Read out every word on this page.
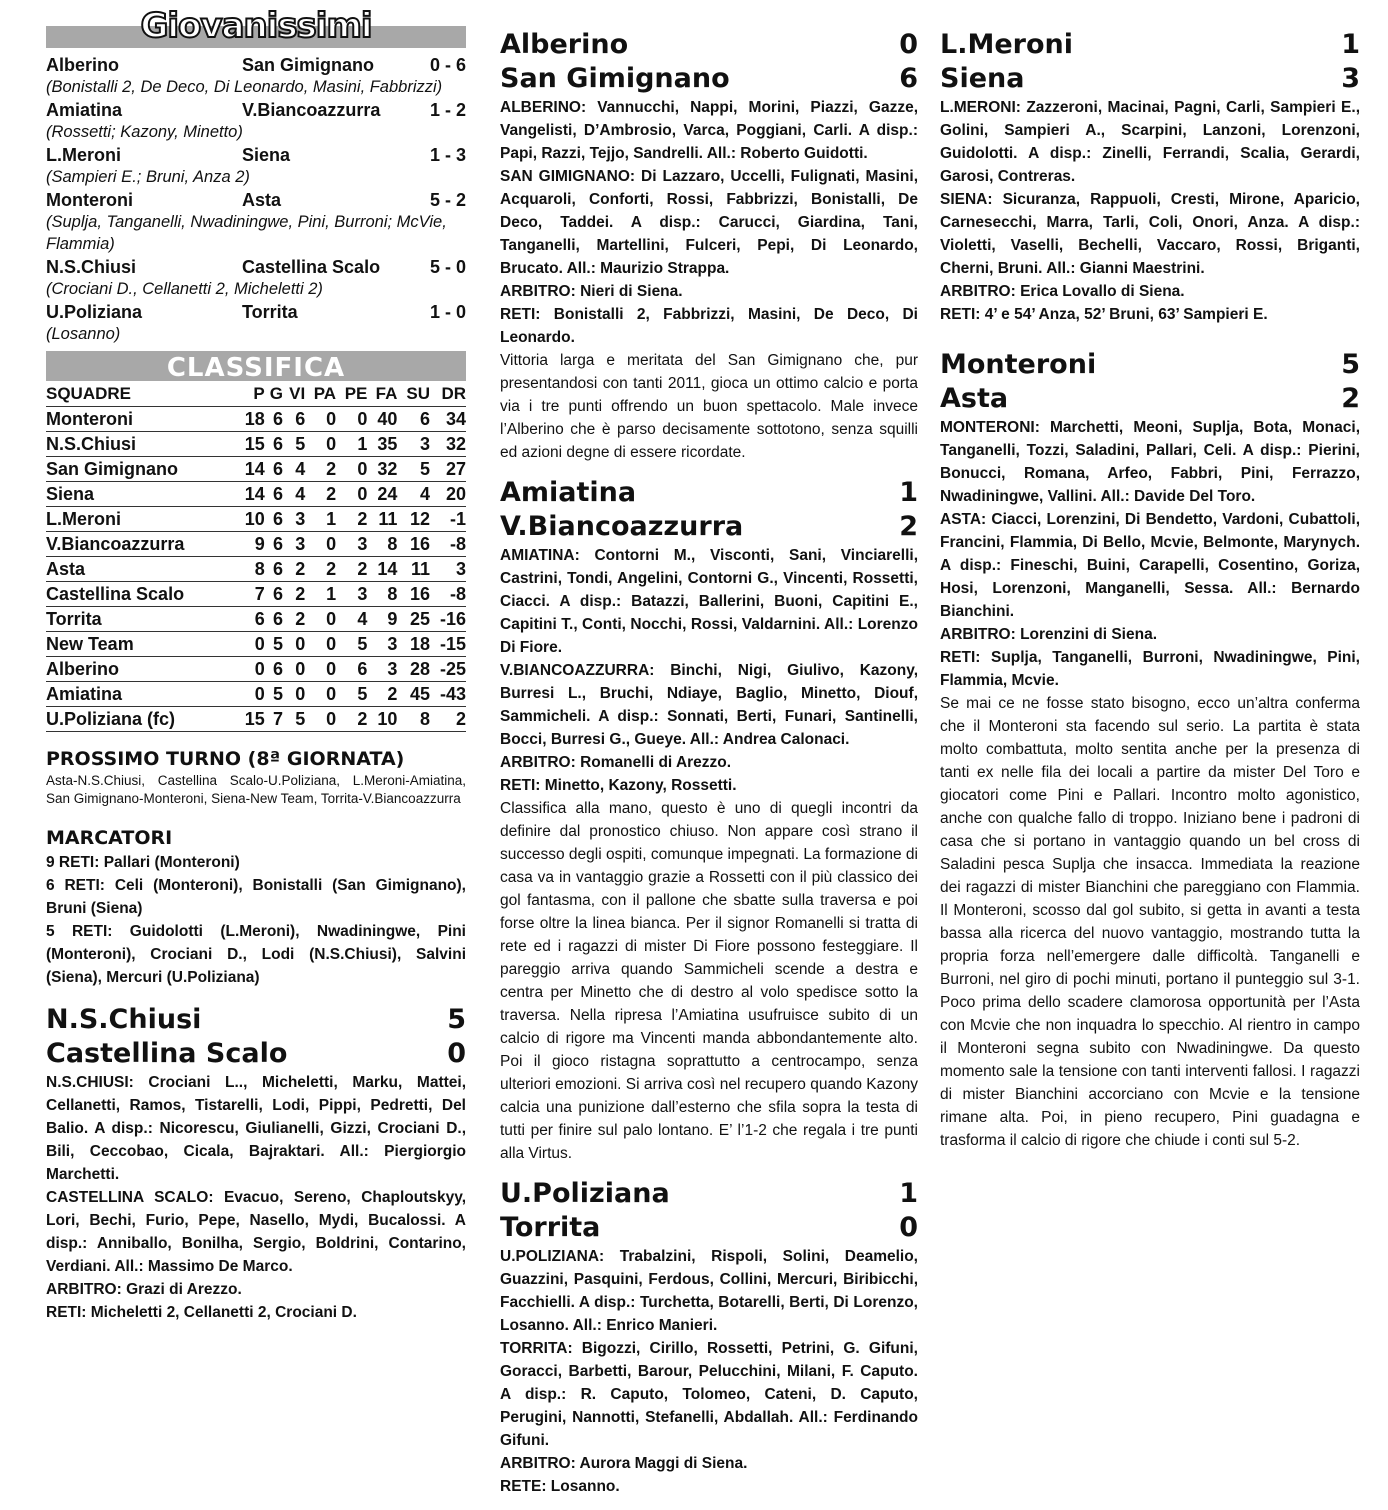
Giovanissimi
Alberino	San Gimignano	0 - 6
(Bonistalli 2, De Deco, Di Leonardo, Masini, Fabbrizzi)
Amiatina	V.Biancoazzurra	1 - 2
(Rossetti; Kazony, Minetto)
L.Meroni	Siena	1 - 3
(Sampieri E.; Bruni, Anza 2)
Monteroni	Asta	5 - 2
(Suplja, Tanganelli, Nwadiningwe, Pini, Burroni; McVie, Flammia)
N.S.Chiusi	Castellina Scalo	5 - 0
(Crociani D., Cellanetti 2, Micheletti 2)
U.Poliziana	Torrita	1 - 0
(Losanno)
CLASSIFICA
SQUADRE	P	G	VI	PA	PE	FA	SU	DR
Monteroni	18	6	6	0	0	40	6	34
N.S.Chiusi	15	6	5	0	1	35	3	32
San Gimignano	14	6	4	2	0	32	5	27
Siena	14	6	4	2	0	24	4	20
L.Meroni	10	6	3	1	2	11	12	-1
V.Biancoazzurra	9	6	3	0	3	8	16	-8
Asta	8	6	2	2	2	14	11	3
Castellina Scalo	7	6	2	1	3	8	16	-8
Torrita	6	6	2	0	4	9	25	-16
New Team	0	5	0	0	5	3	18	-15
Alberino	0	6	0	0	6	3	28	-25
Amiatina	0	5	0	0	5	2	45	-43
U.Poliziana (fc)	15	7	5	0	2	10	8	2
PROSSIMO TURNO (8ª GIORNATA)
Asta-N.S.Chiusi, Castellina Scalo-U.Poliziana, L.Meroni-Amiatina, San Gimignano-Monteroni, Siena-New Team, Torrita-V.Biancoazzurra
MARCATORI
9 RETI: Pallari (Monteroni)
6 RETI: Celi (Monteroni), Bonistalli (San Gimignano), Bruni (Siena)
5 RETI: Guidolotti (L.Meroni), Nwadiningwe, Pini (Monteroni), Crociani D., Lodi (N.S.Chiusi), Salvini (Siena), Mercuri (U.Poliziana)
N.S.Chiusi	5
Castellina Scalo	0
N.S.CHIUSI: Crociani L.., Micheletti, Marku, Mattei, Cellanetti, Ramos, Tistarelli, Lodi, Pippi, Pedretti, Del Balio. A disp.: Nicorescu, Giulianelli, Gizzi, Crociani D., Bili, Ceccobao, Cicala, Bajraktari. All.: Piergiorgio Marchetti.
CASTELLINA SCALO: Evacuo, Sereno, Chaploutskyy, Lori, Bechi, Furio, Pepe, Nasello, Mydi, Bucalossi. A disp.: Anniballo, Bonilha, Sergio, Boldrini, Contarino, Verdiani. All.: Massimo De Marco.
ARBITRO: Grazi di Arezzo.
RETI: Micheletti 2, Cellanetti 2, Crociani D.
Alberino	0
San Gimignano	6
ALBERINO: Vannucchi, Nappi, Morini, Piazzi, Gazze, Vangelisti, D’Ambrosio, Varca, Poggiani, Carli. A disp.: Papi, Razzi, Tejjo, Sandrelli. All.: Roberto Guidotti.
SAN GIMIGNANO: Di Lazzaro, Uccelli, Fulignati, Masini, Acquaroli, Conforti, Rossi, Fabbrizzi, Bonistalli, De Deco, Taddei. A disp.: Carucci, Giardina, Tani, Tanganelli, Martellini, Fulceri, Pepi, Di Leonardo, Brucato. All.: Maurizio Strappa.
ARBITRO: Nieri di Siena.
RETI: Bonistalli 2, Fabbrizzi, Masini, De Deco, Di Leonardo.
Vittoria larga e meritata del San Gimignano che, pur presentandosi con tanti 2011, gioca un ottimo calcio e porta via i tre punti offrendo un buon spettacolo. Male invece l’Alberino che è parso decisamente sottotono, senza squilli ed azioni degne di essere ricordate.
Amiatina	1
V.Biancoazzurra	2
AMIATINA: Contorni M., Visconti, Sani, Vinciarelli, Castrini, Tondi, Angelini, Contorni G., Vincenti, Rossetti, Ciacci. A disp.: Batazzi, Ballerini, Buoni, Capitini E., Capitini T., Conti, Nocchi, Rossi, Valdarnini. All.: Lorenzo Di Fiore.
V.BIANCOAZZURRA: Binchi, Nigi, Giulivo, Kazony, Burresi L., Bruchi, Ndiaye, Baglio, Minetto, Diouf, Sammicheli. A disp.: Sonnati, Berti, Funari, Santinelli, Bocci, Burresi G., Gueye. All.: Andrea Calonaci.
ARBITRO: Romanelli di Arezzo.
RETI: Minetto, Kazony, Rossetti.
Classifica alla mano, questo è uno di quegli incontri da definire dal pronostico chiuso. Non appare così strano il successo degli ospiti, comunque impegnati. La formazione di casa va in vantaggio grazie a Rossetti con il più classico dei gol fantasma, con il pallone che sbatte sulla traversa e poi forse oltre la linea bianca. Per il signor Romanelli si tratta di rete ed i ragazzi di mister Di Fiore possono festeggiare. Il pareggio arriva quando Sammicheli scende a destra e centra per Minetto che di destro al volo spedisce sotto la traversa. Nella ripresa l’Amiatina usufruisce subito di un calcio di rigore ma Vincenti manda abbondantemente alto. Poi il gioco ristagna soprattutto a centrocampo, senza ulteriori emozioni. Si arriva così nel recupero quando Kazony calcia una punizione dall’esterno che sfila sopra la testa di tutti per finire sul palo lontano. E’ l’1-2 che regala i tre punti alla Virtus.
U.Poliziana	1
Torrita	0
U.POLIZIANA: Trabalzini, Rispoli, Solini, Deamelio, Guazzini, Pasquini, Ferdous, Collini, Mercuri, Biribicchi, Facchielli. A disp.: Turchetta, Botarelli, Berti, Di Lorenzo, Losanno. All.: Enrico Manieri.
TORRITA: Bigozzi, Cirillo, Rossetti, Petrini, G. Gifuni, Goracci, Barbetti, Barour, Pelucchini, Milani, F. Caputo. A disp.: R. Caputo, Tolomeo, Cateni, D. Caputo, Perugini, Nannotti, Stefanelli, Abdallah. All.: Ferdinando Gifuni.
ARBITRO: Aurora Maggi di Siena.
RETE: Losanno.
L.Meroni	1
Siena	3
L.MERONI: Zazzeroni, Macinai, Pagni, Carli, Sampieri E., Golini, Sampieri A., Scarpini, Lanzoni, Lorenzoni, Guidolotti. A disp.: Zinelli, Ferrandi, Scalia, Gerardi, Garosi, Contreras.
SIENA: Sicuranza, Rappuoli, Cresti, Mirone, Aparicio, Carnesecchi, Marra, Tarli, Coli, Onori, Anza. A disp.: Violetti, Vaselli, Bechelli, Vaccaro, Rossi, Briganti, Cherni, Bruni. All.: Gianni Maestrini.
ARBITRO: Erica Lovallo di Siena.
RETI: 4’ e 54’ Anza, 52’ Bruni, 63’ Sampieri E.
Monteroni	5
Asta	2
MONTERONI: Marchetti, Meoni, Suplja, Bota, Monaci, Tanganelli, Tozzi, Saladini, Pallari, Celi. A disp.: Pierini, Bonucci, Romana, Arfeo, Fabbri, Pini, Ferrazzo, Nwadiningwe, Vallini. All.: Davide Del Toro.
ASTA: Ciacci, Lorenzini, Di Bendetto, Vardoni, Cubattoli, Francini, Flammia, Di Bello, Mcvie, Belmonte, Marynych. A disp.: Fineschi, Buini, Carapelli, Cosentino, Goriza, Hosi, Lorenzoni, Manganelli, Sessa. All.: Bernardo Bianchini.
ARBITRO: Lorenzini di Siena.
RETI: Suplja, Tanganelli, Burroni, Nwadiningwe, Pini, Flammia, Mcvie.
Se mai ce ne fosse stato bisogno, ecco un’altra conferma che il Monteroni sta facendo sul serio. La partita è stata molto combattuta, molto sentita anche per la presenza di tanti ex nelle fila dei locali a partire da mister Del Toro e giocatori come Pini e Pallari. Incontro molto agonistico, anche con qualche fallo di troppo. Iniziano bene i padroni di casa che si portano in vantaggio quando un bel cross di Saladini pesca Suplja che insacca. Immediata la reazione dei ragazzi di mister Bianchini che pareggiano con Flammia. Il Monteroni, scosso dal gol subito, si getta in avanti a testa bassa alla ricerca del nuovo vantaggio, mostrando tutta la propria forza nell’emergere dalle difficoltà. Tanganelli e Burroni, nel giro di pochi minuti, portano il punteggio sul 3-1. Poco prima dello scadere clamorosa opportunità per l’Asta con Mcvie che non inquadra lo specchio. Al rientro in campo il Monteroni segna subito con Nwadiningwe. Da questo momento sale la tensione con tanti interventi fallosi. I ragazzi di mister Bianchini accorciano con Mcvie e la tensione rimane alta. Poi, in pieno recupero, Pini guadagna e trasforma il calcio di rigore che chiude i conti sul 5-2.
